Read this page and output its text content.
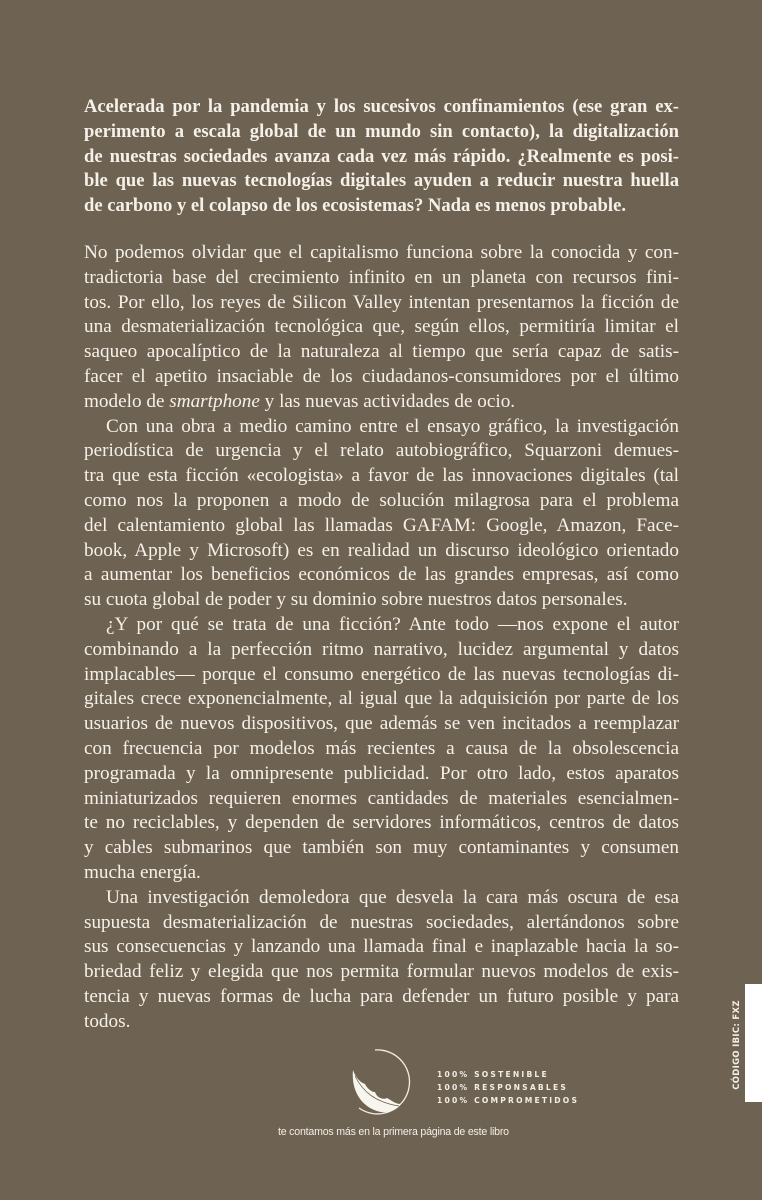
Acelerada por la pandemia y los sucesivos confinamientos (ese gran ex-
perimento a escala global de un mundo sin contacto), la digitalización
de nuestras sociedades avanza cada vez más rápido. ¿Realmente es posi-
ble que las nuevas tecnologías digitales ayuden a reducir nuestra huella
de carbono y el colapso de los ecosistemas? Nada es menos probable.
No podemos olvidar que el capitalismo funciona sobre la conocida y con-
tradictoria base del crecimiento infinito en un planeta con recursos fini-
tos. Por ello, los reyes de Silicon Valley intentan presentarnos la ficción de
una desmaterialización tecnológica que, según ellos, permitiría limitar el
saqueo apocalíptico de la naturaleza al tiempo que sería capaz de satis-
facer el apetito insaciable de los ciudadanos-consumidores por el último
modelo de smartphone y las nuevas actividades de ocio.
Con una obra a medio camino entre el ensayo gráfico, la investigación
periodística de urgencia y el relato autobiográfico, Squarzoni demues-
tra que esta ficción «ecologista» a favor de las innovaciones digitales (tal
como nos la proponen a modo de solución milagrosa para el problema
del calentamiento global las llamadas GAFAM: Google, Amazon, Face-
book, Apple y Microsoft) es en realidad un discurso ideológico orientado
a aumentar los beneficios económicos de las grandes empresas, así como
su cuota global de poder y su dominio sobre nuestros datos personales.
¿Y por qué se trata de una ficción? Ante todo —nos expone el autor
combinando a la perfección ritmo narrativo, lucidez argumental y datos
implacables— porque el consumo energético de las nuevas tecnologías di-
gitales crece exponencialmente, al igual que la adquisición por parte de los
usuarios de nuevos dispositivos, que además se ven incitados a reemplazar
con frecuencia por modelos más recientes a causa de la obsolescencia
programada y la omnipresente publicidad. Por otro lado, estos aparatos
miniaturizados requieren enormes cantidades de materiales esencialmen-
te no reciclables, y dependen de servidores informáticos, centros de datos
y cables submarinos que también son muy contaminantes y consumen
mucha energía.
Una investigación demoledora que desvela la cara más oscura de esa
supuesta desmaterialización de nuestras sociedades, alertándonos sobre
sus consecuencias y lanzando una llamada final e inaplazable hacia la so-
briedad feliz y elegida que nos permita formular nuevos modelos de exis-
tencia y nuevas formas de lucha para defender un futuro posible y para
todos.
100% SOSTENIBLE
100% RESPONSABLES
100% COMPROMETIDOS
te contamos más en la primera página de este libro
CÓDIGO IBIC: FXZ
